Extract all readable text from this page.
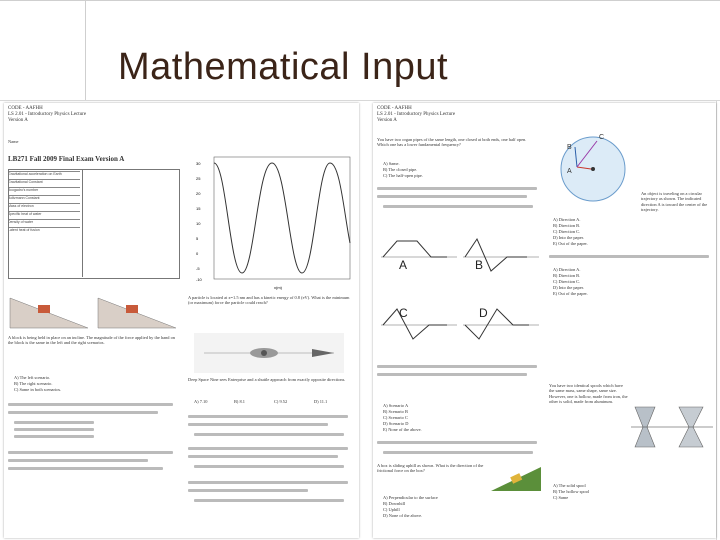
Mathematical Input
CODE - AAFHH
LS 2.01 - Introductory Physics Lecture
Version A
Name
LB271 Fall 2009 Final Exam Version A
Gravitational acceleration on Earth
Gravitational Constant
Avogadro's number
Boltzmann Constant
Mass of electron
Specific heat of water
Density of water
Latent heat of fusion
30
25
20
15
10
5
0
-5
-10
x(m)
A particle is located at x=1.5 nm and has a kinetic energy of 0.8 (eV). What is the minimum (or maximum) force the particle could reach?
A block is being held in place on an incline. The magnitude of the force applied by the hand on the block is the same in the left and the right scenarios.
A) The left scenario.
B) The right scenario.
C) Same in both scenarios.
Deep Space Nine sees Enterprise and a shuttle approach from exactly opposite directions.
A) 7.10	B) 8.1	C) 9.52	D) 11.1
CODE - AAFHH
LS 2.01 - Introductory Physics Lecture
Version A
You have two organ pipes of the same length, one closed at both ends, one half open. Which one has a lower fundamental frequency?
A) Same.
B) The closed pipe.
C) The half-open pipe.
C
B
A
An object is traveling on a circular trajectory as shown. The indicated direction A is toward the center of the trajectory.
A	B
C	D
A) Direction A.
B) Direction B.
C) Direction C.
D) Into the paper.
E) Out of the paper.
A) Direction A.
B) Direction B.
C) Direction C.
D) Into the paper.
E) Out of the paper.
A) Scenario A
B) Scenario B
C) Scenario C
D) Scenario D
E) None of the above.
A box is sliding uphill as shown. What is the direction of the frictional force on the box?
A) Perpendicular to the surface
B) Downhill
C) Uphill
D) None of the above.
You have two identical spools which have the same mass, same shape, same size. However, one is hollow, made from iron, the other is solid, made from aluminum.
A) The solid spool
B) The hollow spool
C) Same
